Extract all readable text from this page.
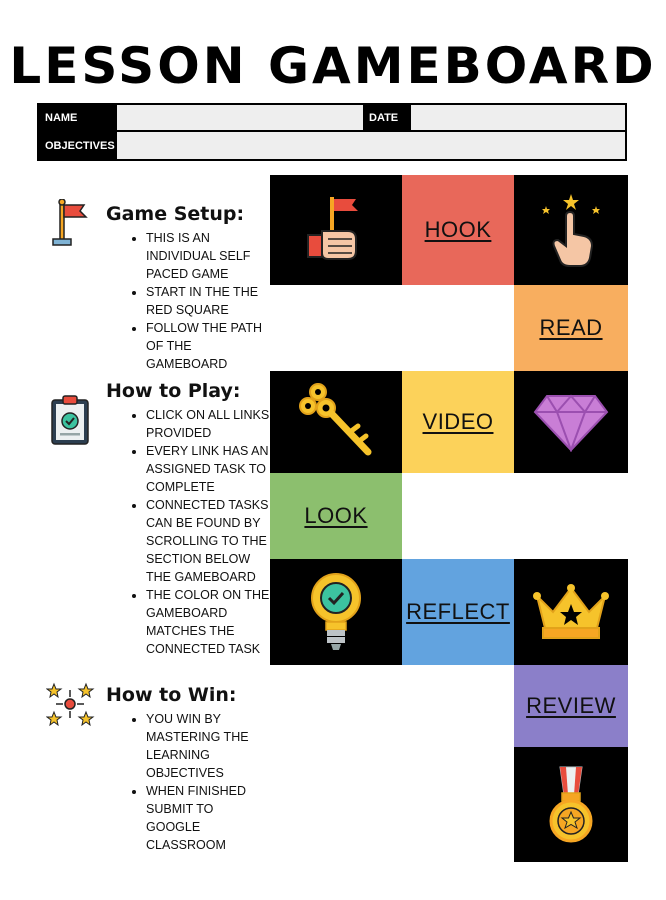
LESSON GAMEBOARD
NAME	DATE
OBJECTIVES
Game Setup:
• THIS IS AN INDIVIDUAL SELF PACED GAME
• START IN THE THE RED SQUARE
• FOLLOW THE PATH OF THE GAMEBOARD
How to Play:
• CLICK ON ALL LINKS PROVIDED
• EVERY LINK HAS AN ASSIGNED TASK TO COMPLETE
• CONNECTED TASKS CAN BE FOUND BY SCROLLING TO THE SECTION BELOW THE GAMEBOARD
• THE COLOR ON THE GAMEBOARD MATCHES THE CONNECTED TASK
How to Win:
• YOU WIN BY MASTERING THE LEARNING OBJECTIVES
• WHEN FINISHED SUBMIT TO GOOGLE CLASSROOM
HOOK
READ
VIDEO
LOOK
REFLECT
REVIEW
